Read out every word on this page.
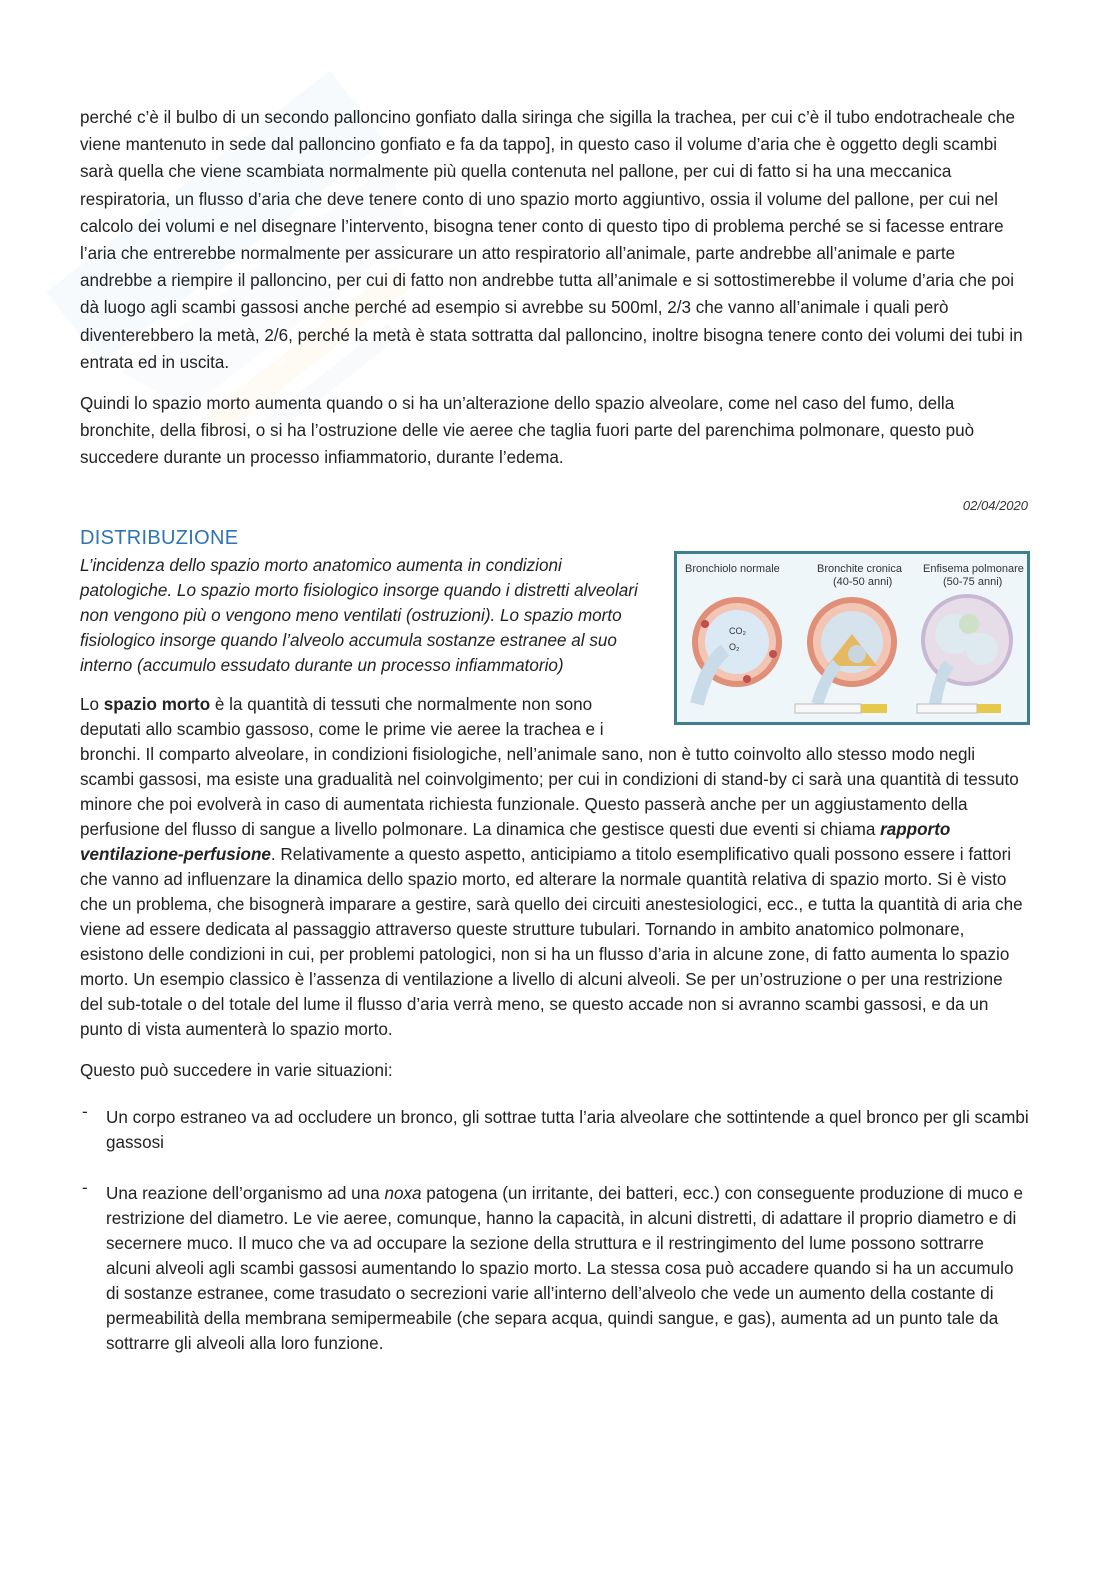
perché c’è il bulbo di un secondo palloncino gonfiato dalla siringa che sigilla la trachea, per cui c’è il tubo endotracheale che viene mantenuto in sede dal palloncino gonfiato e fa da tappo], in questo caso il volume d’aria che è oggetto degli scambi sarà quella che viene scambiata normalmente più quella contenuta nel pallone, per cui di fatto si ha una meccanica respiratoria, un flusso d’aria che deve tenere conto di uno spazio morto aggiuntivo, ossia il volume del pallone, per cui nel calcolo dei volumi e nel disegnare l’intervento, bisogna tener conto di questo tipo di problema perché se si facesse entrare l’aria che entrerebbe normalmente per assicurare un atto respiratorio all’animale, parte andrebbe all’animale e parte andrebbe a riempire il palloncino, per cui di fatto non andrebbe tutta all’animale e si sottostimerebbe il volume d’aria che poi dà luogo agli scambi gassosi anche perché ad esempio si avrebbe su 500ml, 2/3 che vanno all’animale i quali però diventerebbero la metà, 2/6, perché la metà è stata sottratta dal palloncino, inoltre bisogna tenere conto dei volumi dei tubi in entrata ed in uscita.

Quindi lo spazio morto aumenta quando o si ha un’alterazione dello spazio alveolare, come nel caso del fumo, della bronchite, della fibrosi, o si ha l’ostruzione delle vie aeree che taglia fuori parte del parenchima polmonare, questo può succedere durante un processo infiammatorio, durante l’edema.

02/04/2020
DISTRIBUZIONE
Bronchiolo normale	Bronchite cronica
(40-50 anni)
Enfisema polmonare
(50-75 anni)
CO₂
O₂

L’incidenza dello spazio morto anatomico aumenta in condizioni patologiche. Lo spazio morto fisiologico insorge quando i distretti alveolari non vengono più o vengono meno ventilati (ostruzioni). Lo spazio morto fisiologico insorge quando l’alveolo accumula sostanze estranee al suo interno (accumulo essudato durante un processo infiammatorio)

Lo spazio morto è la quantità di tessuti che normalmente non sono deputati allo scambio gassoso, come le prime vie aeree la trachea e i bronchi. Il comparto alveolare, in condizioni fisiologiche, nell’animale sano, non è tutto coinvolto allo stesso modo negli scambi gassosi, ma esiste una gradualità nel coinvolgimento; per cui in condizioni di stand-by ci sarà una quantità di tessuto minore che poi evolverà in caso di aumentata richiesta funzionale. Questo passerà anche per un aggiustamento della perfusione del flusso di sangue a livello polmonare. La dinamica che gestisce questi due eventi si chiama rapporto ventilazione-perfusione. Relativamente a questo aspetto, anticipiamo a titolo esemplificativo quali possono essere i fattori che vanno ad influenzare la dinamica dello spazio morto, ed alterare la normale quantità relativa di spazio morto. Si è visto che un problema, che bisognerà imparare a gestire, sarà quello dei circuiti anestesiologici, ecc., e tutta la quantità di aria che viene ad essere dedicata al passaggio attraverso queste strutture tubulari. Tornando in ambito anatomico polmonare, esistono delle condizioni in cui, per problemi patologici, non si ha un flusso d’aria in alcune zone, di fatto aumenta lo spazio morto. Un esempio classico è l’assenza di ventilazione a livello di alcuni alveoli. Se per un’ostruzione o per una restrizione del sub-totale o del totale del lume il flusso d’aria verrà meno, se questo accade non si avranno scambi gassosi, e da un punto di vista aumenterà lo spazio morto.

Questo può succedere in varie situazioni:

- Un corpo estraneo va ad occludere un bronco, gli sottrae tutta l’aria alveolare che sottintende a quel bronco per gli scambi gassosi
- Una reazione dell’organismo ad una noxa patogena (un irritante, dei batteri, ecc.) con conseguente produzione di muco e restrizione del diametro. Le vie aeree, comunque, hanno la capacità, in alcuni distretti, di adattare il proprio diametro e di secernere muco. Il muco che va ad occupare la sezione della struttura e il restringimento del lume possono sottrarre alcuni alveoli agli scambi gassosi aumentando lo spazio morto. La stessa cosa può accadere quando si ha un accumulo di sostanze estranee, come trasudato o secrezioni varie all’interno dell’alveolo che vede un aumento della costante di permeabilità della membrana semipermeabile (che separa acqua, quindi sangue, e gas), aumenta ad un punto tale da sottrarre gli alveoli alla loro funzione.
